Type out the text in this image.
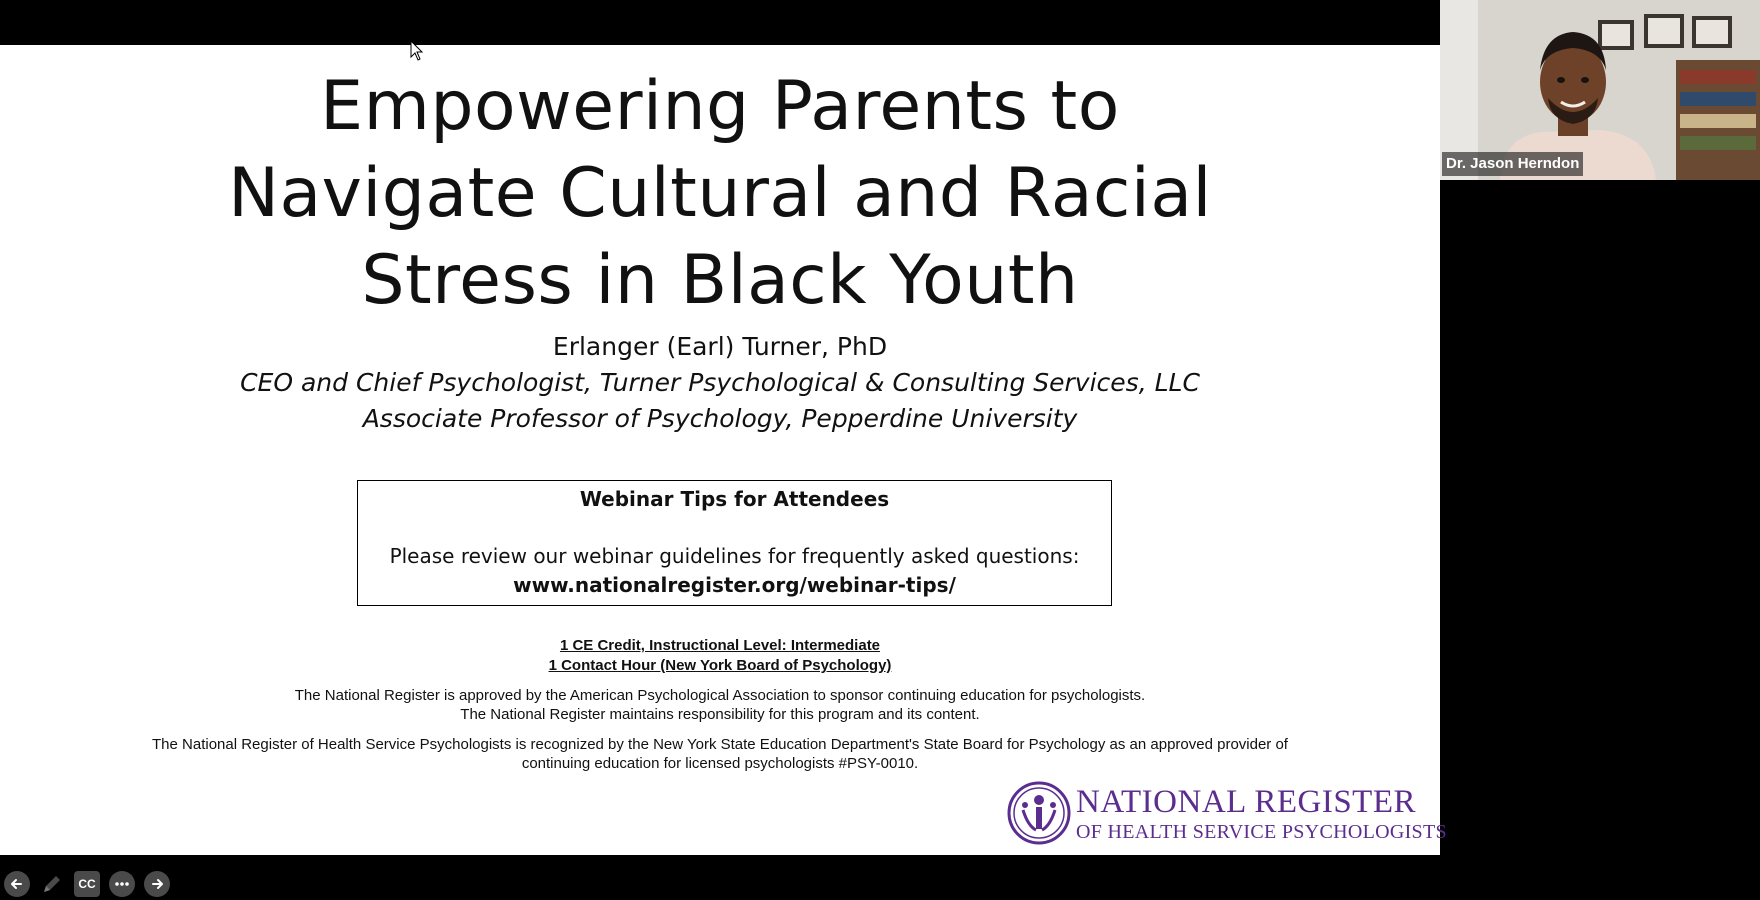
Empowering Parents to
Navigate Cultural and Racial
Stress in Black Youth
Erlanger (Earl) Turner, PhD
CEO and Chief Psychologist, Turner Psychological & Consulting Services, LLC
Associate Professor of Psychology, Pepperdine University
Webinar Tips for Attendees
Please review our webinar guidelines for frequently asked questions:
www.nationalregister.org/webinar-tips/
1 CE Credit, Instructional Level: Intermediate
1 Contact Hour (New York Board of Psychology)
The National Register is approved by the American Psychological Association to sponsor continuing education for psychologists.
The National Register maintains responsibility for this program and its content.
The National Register of Health Service Psychologists is recognized by the New York State Education Department's State Board for Psychology as an approved provider of
continuing education for licensed psychologists #PSY-0010.
NATIONAL REGISTER
OF HEALTH SERVICE PSYCHOLOGISTS
CC
Dr. Jason Herndon
